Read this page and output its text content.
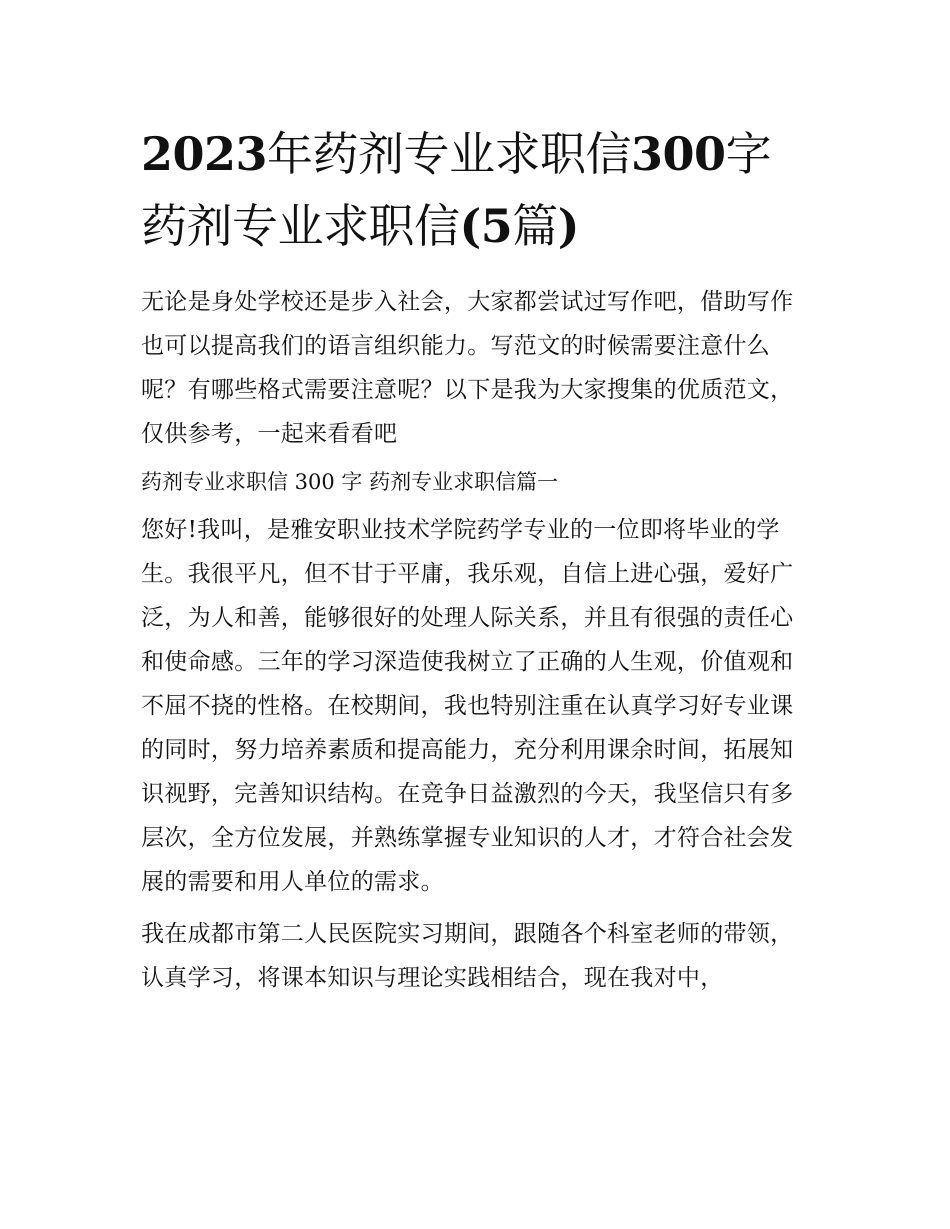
2023年药剂专业求职信300字
药剂专业求职信(5篇)

无论是身处学校还是步入社会，大家都尝试过写作吧，借助写作也可以提高我们的语言组织能力。写范文的时候需要注意什么呢？有哪些格式需要注意呢？以下是我为大家搜集的优质范文，仅供参考，一起来看看吧

药剂专业求职信 300 字 药剂专业求职信篇一

您好!我叫，是雅安职业技术学院药学专业的一位即将毕业的学生。我很平凡，但不甘于平庸，我乐观，自信上进心强，爱好广泛，为人和善，能够很好的处理人际关系，并且有很强的责任心和使命感。三年的学习深造使我树立了正确的人生观，价值观和不屈不挠的性格。在校期间，我也特别注重在认真学习好专业课的同时，努力培养素质和提高能力，充分利用课余时间，拓展知识视野，完善知识结构。在竞争日益激烈的今天，我坚信只有多层次，全方位发展，并熟练掌握专业知识的人才，才符合社会发展的需要和用人单位的需求。

我在成都市第二人民医院实习期间，跟随各个科室老师的带领，认真学习，将课本知识与理论实践相结合，现在我对中，
